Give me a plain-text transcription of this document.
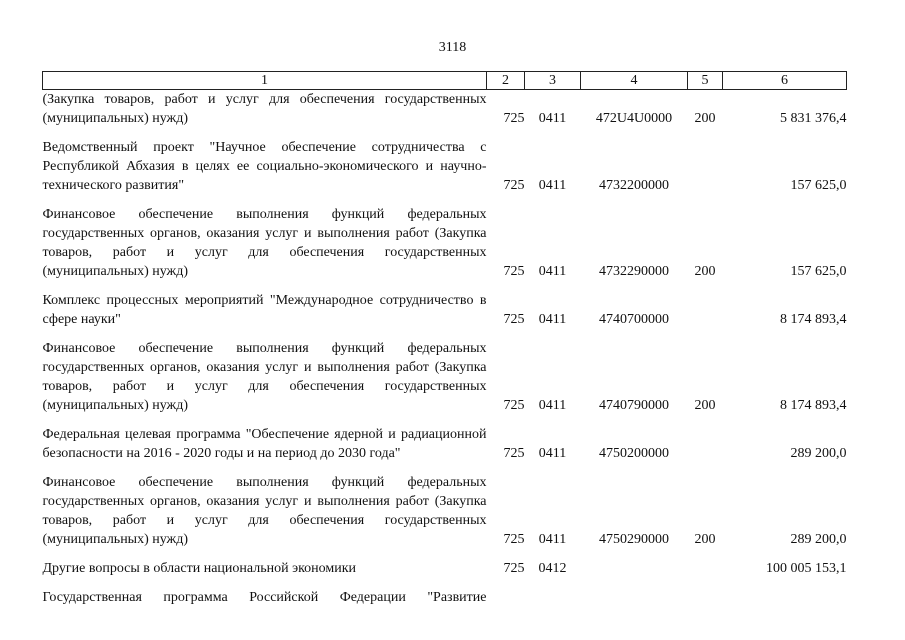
3118
1	2	3	4	5	6
(Закупка товаров, работ и услуг для обеспечения государственных (муниципальных) нужд)	725	0411	472U4U0000	200	5 831 376,4
Ведомственный проект "Научное обеспечение сотрудничества с Республикой Абхазия в целях ее социально-экономического и научно-технического развития"	725	0411	4732200000		157 625,0
Финансовое обеспечение выполнения функций федеральных государственных органов, оказания услуг и выполнения работ (Закупка товаров, работ и услуг для обеспечения государственных (муниципальных) нужд)	725	0411	4732290000	200	157 625,0
Комплекс процессных мероприятий "Международное сотрудничество в сфере науки"	725	0411	4740700000		8 174 893,4
Финансовое обеспечение выполнения функций федеральных государственных органов, оказания услуг и выполнения работ (Закупка товаров, работ и услуг для обеспечения государственных (муниципальных) нужд)	725	0411	4740790000	200	8 174 893,4
Федеральная целевая программа "Обеспечение ядерной и радиационной безопасности на 2016 - 2020 годы и на период до 2030 года"	725	0411	4750200000		289 200,0
Финансовое обеспечение выполнения функций федеральных государственных органов, оказания услуг и выполнения работ (Закупка товаров, работ и услуг для обеспечения государственных (муниципальных) нужд)	725	0411	4750290000	200	289 200,0
Другие вопросы в области национальной экономики	725	0412			100 005 153,1
Государственная программа Российской Федерации "Развитие					
